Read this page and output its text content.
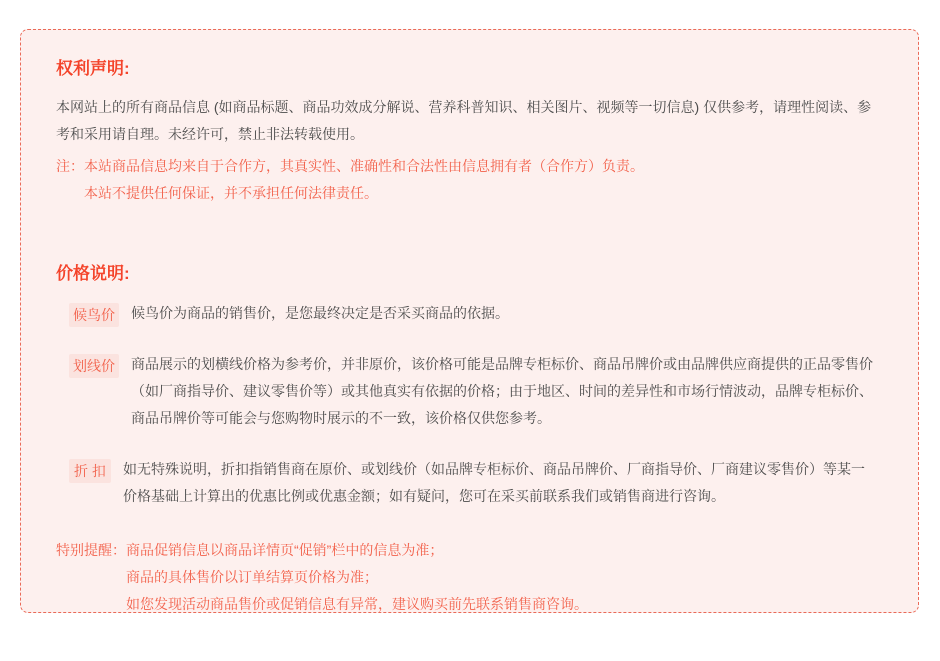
权利声明:
本网站上的所有商品信息 (如商品标题、商品功效成分解说、营养科普知识、相关图片、视频等一切信息) 仅供参考，请理性阅读、参
考和采用请自理。未经许可，禁止非法转载使用。
注： 本站商品信息均来自于合作方，其真实性、准确性和合法性由信息拥有者（合作方）负责。
本站不提供任何保证，并不承担任何法律责任。
价格说明:
候鸟价 候鸟价为商品的销售价，是您最终决定是否采买商品的依据。
划线价 商品展示的划横线价格为参考价，并非原价，该价格可能是品牌专柜标价、商品吊牌价或由品牌供应商提供的正品零售价
（如厂商指导价、建议零售价等）或其他真实有依据的价格；由于地区、时间的差异性和市场行情波动，品牌专柜标价、
商品吊牌价等可能会与您购物时展示的不一致，该价格仅供您参考。
折 扣	如无特殊说明，折扣指销售商在原价、或划线价（如品牌专柜标价、商品吊牌价、厂商指导价、厂商建议零售价）等某一
价格基础上计算出的优惠比例或优惠金额；如有疑问，您可在采买前联系我们或销售商进行咨询。
特别提醒： 商品促销信息以商品详情页“促销”栏中的信息为准；
商品的具体售价以订单结算页价格为准；
如您发现活动商品售价或促销信息有异常，建议购买前先联系销售商咨询。
